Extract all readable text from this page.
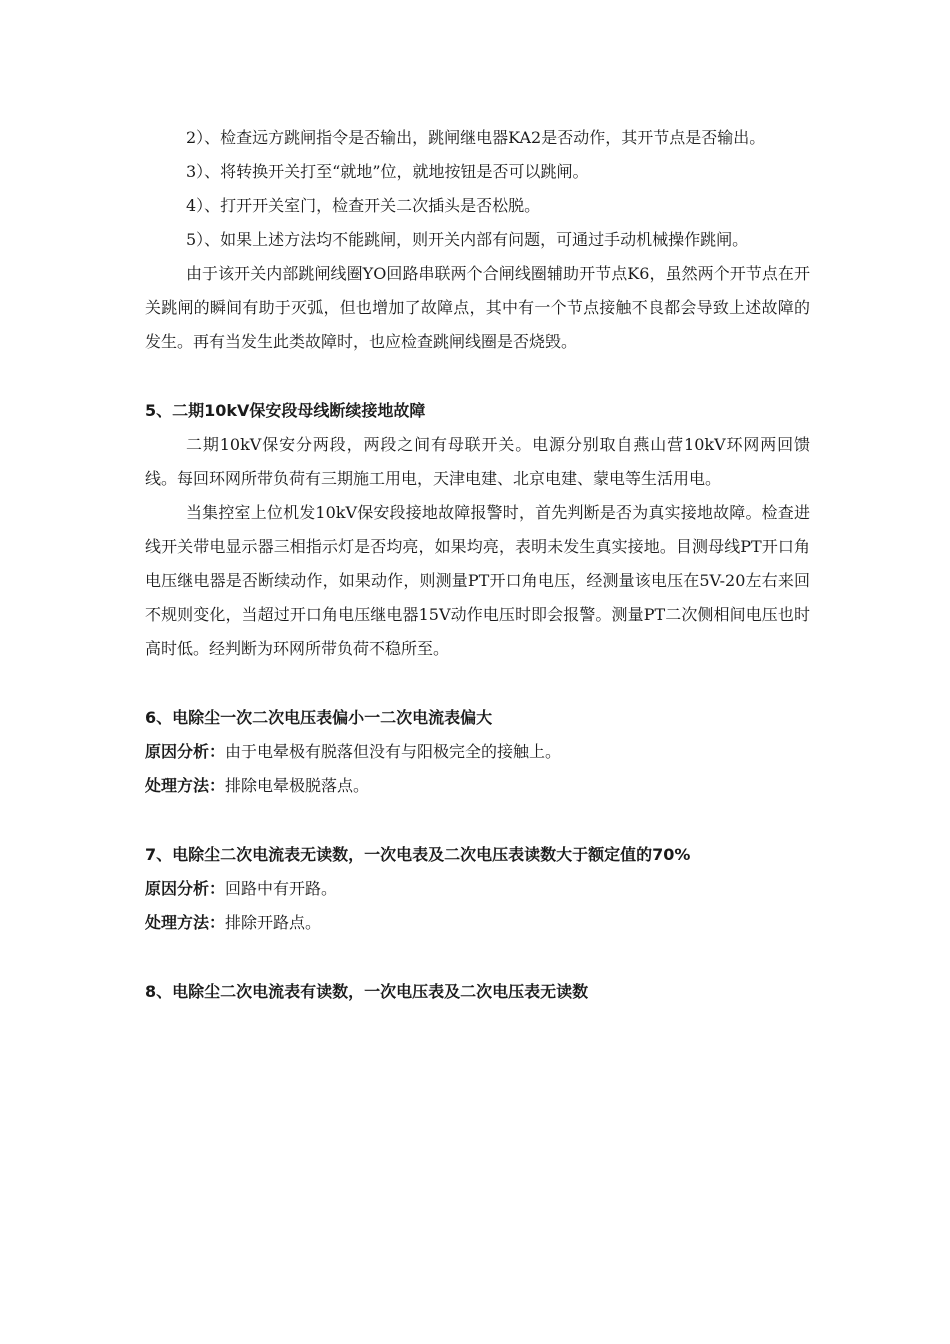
2）、检查远方跳闸指令是否输出，跳闸继电器KA2是否动作，其开节点是否输出。

3）、将转换开关打至“就地”位，就地按钮是否可以跳闸。

4）、打开开关室门，检查开关二次插头是否松脱。

5）、如果上述方法均不能跳闸，则开关内部有问题，可通过手动机械操作跳闸。

由于该开关内部跳闸线圈YO回路串联两个合闸线圈辅助开节点K6，虽然两个开节点在开关跳闸的瞬间有助于灭弧，但也增加了故障点，其中有一个节点接触不良都会导致上述故障的发生。再有当发生此类故障时，也应检查跳闸线圈是否烧毁。

5、二期10kV保安段母线断续接地故障

二期10kV保安分两段，两段之间有母联开关。电源分别取自燕山营10kV环网两回馈线。每回环网所带负荷有三期施工用电，天津电建、北京电建、蒙电等生活用电。

当集控室上位机发10kV保安段接地故障报警时，首先判断是否为真实接地故障。检查进线开关带电显示器三相指示灯是否均亮，如果均亮，表明未发生真实接地。目测母线PT开口角电压继电器是否断续动作，如果动作，则测量PT开口角电压，经测量该电压在5V-20左右来回不规则变化，当超过开口角电压继电器15V动作电压时即会报警。测量PT二次侧相间电压也时高时低。经判断为环网所带负荷不稳所至。

6、电除尘一次二次电压表偏小一二次电流表偏大

原因分析：由于电晕极有脱落但没有与阳极完全的接触上。

处理方法：排除电晕极脱落点。

7、电除尘二次电流表无读数，一次电表及二次电压表读数大于额定值的70%

原因分析：回路中有开路。

处理方法：排除开路点。

8、电除尘二次电流表有读数，一次电压表及二次电压表无读数
